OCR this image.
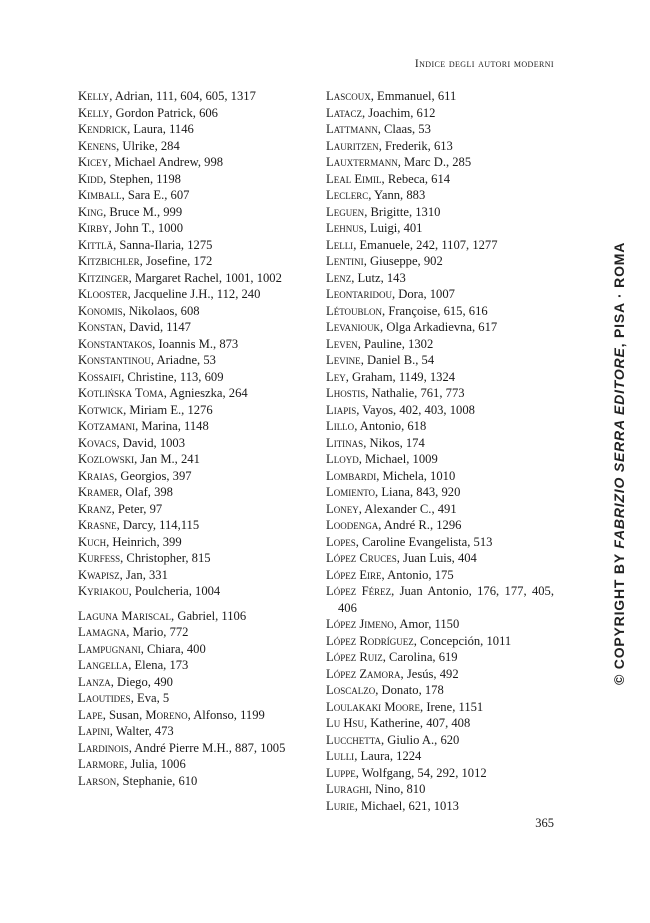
Indice degli autori moderni
Kelly, Adrian, 111, 604, 605, 1317
Kelly, Gordon Patrick, 606
Kendrick, Laura, 1146
Kenens, Ulrike, 284
Kicey, Michael Andrew, 998
Kidd, Stephen, 1198
Kimball, Sara E., 607
King, Bruce M., 999
Kirby, John T., 1000
Kittlä, Sanna-Ilaria, 1275
Kitzbichler, Josefine, 172
Kitzinger, Margaret Rachel, 1001, 1002
Klooster, Jacqueline J.H., 112, 240
Konomis, Nikolaos, 608
Konstan, David, 1147
Konstantakos, Ioannis M., 873
Konstantinou, Ariadne, 53
Kossaifi, Christine, 113, 609
Kotlińska Toma, Agnieszka, 264
Kotwick, Miriam E., 1276
Kotzamani, Marina, 1148
Kovacs, David, 1003
Kozlowski, Jan M., 241
Kraias, Georgios, 397
Kramer, Olaf, 398
Kranz, Peter, 97
Krasne, Darcy, 114,115
Kuch, Heinrich, 399
Kurfess, Christopher, 815
Kwapisz, Jan, 331
Kyriakou, Poulcheria, 1004
Laguna Mariscal, Gabriel, 1106
Lamagna, Mario, 772
Lampugnani, Chiara, 400
Langella, Elena, 173
Lanza, Diego, 490
Laoutides, Eva, 5
Lape, Susan, Moreno, Alfonso, 1199
Lapini, Walter, 473
Lardinois, André Pierre M.H., 887, 1005
Larmore, Julia, 1006
Larson, Stephanie, 610
Lascoux, Emmanuel, 611
Latacz, Joachim, 612
Lattmann, Claas, 53
Lauritzen, Frederik, 613
Lauxtermann, Marc D., 285
Leal Eimil, Rebeca, 614
Leclerc, Yann, 883
Leguen, Brigitte, 1310
Lehnus, Luigi, 401
Lelli, Emanuele, 242, 1107, 1277
Lentini, Giuseppe, 902
Lenz, Lutz, 143
Leontaridou, Dora, 1007
Létoublon, Françoise, 615, 616
Levaniouk, Olga Arkadievna, 617
Leven, Pauline, 1302
Levine, Daniel B., 54
Ley, Graham, 1149, 1324
Lhostis, Nathalie, 761, 773
Liapis, Vayos, 402, 403, 1008
Lillo, Antonio, 618
Litinas, Nikos, 174
Lloyd, Michael, 1009
Lombardi, Michela, 1010
Lomiento, Liana, 843, 920
Loney, Alexander C., 491
Loodenga, André R., 1296
Lopes, Caroline Evangelista, 513
López Cruces, Juan Luis, 404
López Eire, Antonio, 175
López Férez, Juan Antonio, 176, 177, 405, 406
López Jimeno, Amor, 1150
López Rodríguez, Concepción, 1011
López Ruiz, Carolina, 619
López Zamora, Jesús, 492
Loscalzo, Donato, 178
Loulakaki Moore, Irene, 1151
Lu Hsu, Katherine, 407, 408
Lucchetta, Giulio A., 620
Lulli, Laura, 1224
Luppe, Wolfgang, 54, 292, 1012
Luraghi, Nino, 810
Lurie, Michael, 621, 1013
© COPYRIGHT BY FABRIZIO SERRA EDITORE, PISA · ROMA
365
